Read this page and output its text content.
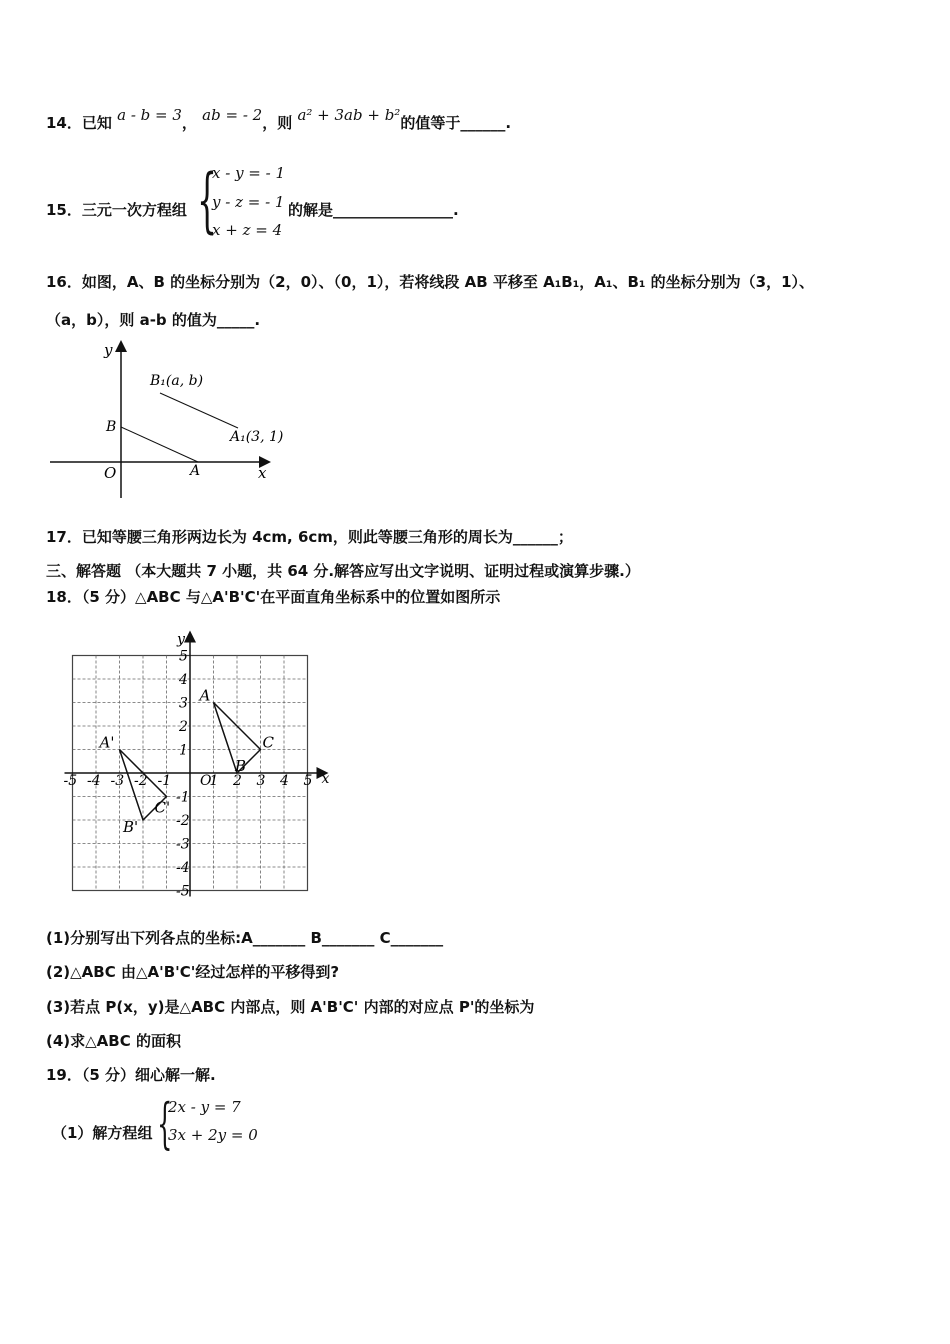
14．已知 a - b = 3， ab = - 2，则 a² + 3ab + b²的值等于______.
15．三元一次方程组 {
x - y = - 1
y - z = - 1
x + z = 4
的解是________________.
16．如图，A、B 的坐标分别为（2，0）、（0，1），若将线段 AB 平移至 A₁B₁，A₁、B₁ 的坐标分别为（3，1）、
（a，b），则 a-b 的值为_____.
y
x
O	A
B
B₁(a, b)
A₁(3, 1)
17．已知等腰三角形两边长为 4cm, 6cm，则此等腰三角形的周长为______；
三、解答题 （本大题共 7 小题，共 64 分.解答应写出文字说明、证明过程或演算步骤.）
18．（5 分）△ABC 与△A'B'C'在平面直角坐标系中的位置如图所示
-5 -4 -3 -2 -1	1 2 3 4 5
5
4
3
2
1
-1
-2
-3
-4
-5
O	x
y
A
B
C
A'
B'
C'
(1)分别写出下列各点的坐标:A_______ B_______ C_______
(2)△ABC 由△A'B'C'经过怎样的平移得到?
(3)若点 P(x，y)是△ABC 内部点，则 A'B'C' 内部的对应点 P'的坐标为
(4)求△ABC 的面积
19．（5 分）细心解一解.
（1）解方程组 {
2x - y = 7
3x + 2y = 0
